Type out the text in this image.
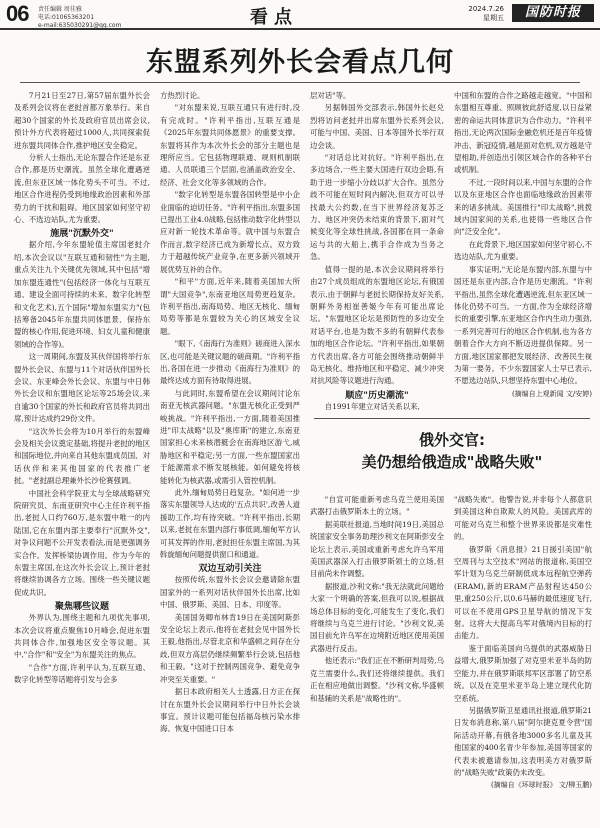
06 责任编辑 周佳雅
电话:01065363201
e-mail:635030291@qq.com	看点	2024.7.26
星期五	国防时报
东盟系列外长会看点几何

7月21日至27日,第57届东盟外长会及系列会议将在老挝首都万象举行。来自超30个国家的外长及政府官员出席会议,预计外方代表将超过1000人,共同探索促进东盟共同体合作,推护地区安全稳定。

分析人士指出,无论东盟合作还是东亚合作,都是历史潮流。虽然全球化遭遇逆流,但东亚区域一体化势头不可当。不过,地区合作进程仍受到地缘政治因素和外部势力的干扰和阻碍。地区国家如何坚守初心、不选边站队,尤为重要。

施展"沉默外交"

据介绍,今年东盟轮值主席国老挝介绍,本次会议以"互联互通和韧性"为主题,重点关注九个关键优先领域,其中包括"增加东盟连通性"(包括经济一体化与互联互通、建设全面可持续的未来、数字化转型和文化艺术),五个国际"增加东盟实力"(包括筹备2045年东盟共同体愿景、保持东盟的核心作用,促进环境、妇女儿童和健康领域的合作等)。

这一周期间,东盟及其伙伴国将举行东盟外长会议、东盟与11个对话伙伴国外长会议、东亚峰会外长会议、东盟与中日韩外长会议和东盟地区论坛等25场会议,来自逾30个国家的外长和政府官员将共同出席,预计达成约29份文件。

"这次外长会将为10月举行的东盟峰会及相关会议奠定基础,将提升老挝的地区和国际地位,并向来自其他东盟成员国、对话伙伴和来其他国家的代表推广老挝。"老挝副总理兼外长沙伦赛强调。

中国社会科学院亚太与全球战略研究院研究员、东南亚研究中心主任许利平指出,老挝人口约760万,是东盟中唯一的内陆国,它在东盟内部主要奉行"沉默外交",对争议问题不公开发表看法,而是更强调务实合作。发挥桥梁协调作用。作为今年的东盟主席国,在这次外长会议上,预计老挝将继续协调各方立场。围绕一些关键议题促成共识。

聚焦哪些议题

外界认为,围绕主题和九项优先事项,本次会议将重点聚焦10月峰会,促进东盟共同体合作,加强地区安全等议题。其中,"合作"和"安全"为东盟关注的焦点。

"合作"方面,许利平认为,互联互通、数字化转型等话题将引发与会多

方热烈讨论。

"对东盟来说,互联互通只有进行时,没有完成时。"许利平指出,互联互通是《2025年东盟共同体愿景》的重要支撑。东盟将其作为本次外长会的部分主题也是理所应当。它包括物理联通、规则机制联通、人员联通三个层面,也涵盖政治安全、经济、社会文化等多领域的合作。

"数字化转型是东盟各国转型是中小企业面临的迫切任务。"许利平指出,东盟多国已提出工业4.0战略,包括推动数字化转型以应对新一轮技术革命等。就中国与东盟合作而言,数字经济已成为新增长点。双方致力于超越传统产业竞争,在更多新兴领域开展优势互补的合作。

"和平"方面,近年来,随着美国加大所谓"大国竞争",东南亚地区局势更趋复杂。许利平指出,南海局势、地区无核化、缅甸局势等都是东盟较为关心的区域安全议题。

"眼下,《南海行为准则》磋商进入深水区,也可能是关键议题的磋商期。"许利平指出,各国在进一步推动《南海行为准则》的最终达成方面有待取得进展。

与此同时,东盟希望在会议期间讨论东南亚无核武器问题。"东盟无核化正受到严峻挑战。"许利平指出,一方面,随着美国推进"印太战略"以及"奥库斯"的建立,东南亚国家担心未来核潜艇会在南海地区游弋,威胁地区和平稳定;另一方面,一些东盟国家出于能源需求不断发展核能。如何避免将核能转化为核武器,或需引入管控机制。

此外,缅甸局势日趋复杂。"如何进一步落实东盟领导人达成的'五点共识',改善人道援助工作,均有待突破。"许利平指出,长期以来,老挝在东盟内部行事低调,缅甸军方认可其发挥的作用,老挝担任东盟主席国,为其斡旋缅甸问题提供窗口和通道。

双边互动引关注

按照传统,东盟外长会议会邀请除东盟国家外的一系列对话伙伴国外长出席,比如中国、俄罗斯、美国、日本、印度等。

美国国务卿布林肯19日在美国阿斯彭安全论坛上表示,他将在老挝会见中国外长王毅,他指出,尽管北京和华盛顿之间存在分歧,但双方高层仍继续频繁举行会谈,包括他和王毅。"这对于控制两国竞争、避免竞争冲突至关重要。"

据日本政府相关人士透露,日方正在探讨在东盟外长会议期间举行中日外长会谈事宜。预计议题可能包括福岛核污染水排海、恢复中国进口日本

层对话"等。

另据韩国外交部表示,韩国外长赵兑烈将访问老挝并出席东盟外长系列会议,可能与中国、美国、日本等国外长举行双边会谈。

"对话总比对抗好。"许利平指出,在多边场合,一些主要大国进行双边会晤,有助于进一步缩小分歧以扩大合作。虽然分歧不可能在短时间内解决,但双方可以寻找最大公约数,在当下世界经济复苏乏力、地区冲突仍未结束的背景下,面对气候变化等全球性挑战,各国都在同一条命运与共的大船上,携手合作成为当务之急。

值得一提的是,本次会议期间将举行由27个成员组成的东盟地区论坛,有俄国表示,由于朝鲜与老挝长期保持友好关系,朝鲜外务相崔善姬今年有可能出席论坛。"东盟地区论坛是预防性的多边安全对话平台,也是为数不多的有朝鲜代表参加的地区合作论坛。"许利平指出,如果朝方代表出席,各方可能会围绕推动朝鲜半岛无核化、维持地区和平稳定、减少冲突对抗风险等议题进行沟通。

顺应"历史潮流"

自1991年建立对话关系以来,

中国和东盟的合作之路越走越宽。"中国和东盟相互尊重、照顾彼此舒适度,以日益紧密的命运共同体意识为合作动力。"许利平指出,无论两次国际金融危机还是百年疫情冲击、新冠疫情,越是面对危机,双方越是守望相助,并创造出引领区域合作的各种平台或机制。

不过,一段时间以来,中国与东盟的合作以及东亚地区合作也面临地缘政治因素带来的诸多挑战。美国推行"印太战略",挑拨域内国家间的关系,也使得一些地区合作向"泛安全化"。

在此背景下,地区国家如何坚守初心,不选边站队,尤为重要。

事实证明,"无论是东盟内部,东盟与中国还是东亚内部,合作是历史潮流。"许利平指出,虽然全球化遭遇逆流,但东亚区域一体化仍势不可当。一方面,作为全球经济增长的重要引擎,东亚地区合作内生动力强劲,一系列完善可行的地区合作机制,也为各方朝着合作大方向不断迈进提供保障。另一方面,地区国家都把发展经济、改善民生视为第一要务。不少东盟国家人士早已表示,不愿选边站队,只想坚持东盟中心地位。

(摘编自上观新闻 文/安婷)

俄外交官:
美仍想给俄造成"战略失败"

"自宣可能重新考虑乌克兰使用美国武器打击俄罗斯本土的立场。"

据美联社报道,当地时间19日,美国总统国家安全事务助理沙利文在阿斯彭安全论坛上表示,美国或重新考虑允许乌军用美国武器深入打击俄罗斯领土的立场,但目前尚未作调整。

据报道,沙利文称:"我无法就此问题给大家一个明确的答案,但我可以说,根据战场总体目标的变化,可能发生了变化,我们将继续与乌克兰进行讨论。"沙利文说,美国目前允许乌军在边境附近地区使用美国武器进行反击。

他还表示:"我们正在不断研判局势,乌克兰需要什么,我们还将继续提供。我们正在相应地做出调整。"沙利文称,华盛顿和基辅的关系是"战略性的"。

"战略失败"。他警告说,并非每个人都意识到美国这种自欺欺人的风险。美国武库的可能对乌克兰和整个世界来说都是灾难性的。

俄罗斯《消息报》21日援引美国"航空周刊与太空技术"网站的报道称,美国空军计划为乌克兰研制低成本远程航空弹药(ERAM),新的ERAM产品射程达450公里,重250公斤,以0.6马赫的最低速度飞行,可以在不使用GPS卫星导航的情况下发射。这将大大提高乌军对俄境内目标的打击能力。

鉴于面临美国向乌提供的武器威胁日益增大,俄罗斯加强了对克里米亚半岛的防空能力,并在俄罗斯联邦军区部署了防空系统。以及在克里米亚半岛上建立现代化防空系统。

另据俄罗斯卫星通讯社报道,俄罗斯21日发布消息称,第八届"阿尔捷克夏令营"国际活动开幕,有俄各地3000多名儿童及其他国家的400名青少年参加,美国等国家的代表未被邀请参加,这表明美方对俄罗斯的"战略失败"政策仍未改变。

(摘编自《环球时报》 文/柳玉鹏)
